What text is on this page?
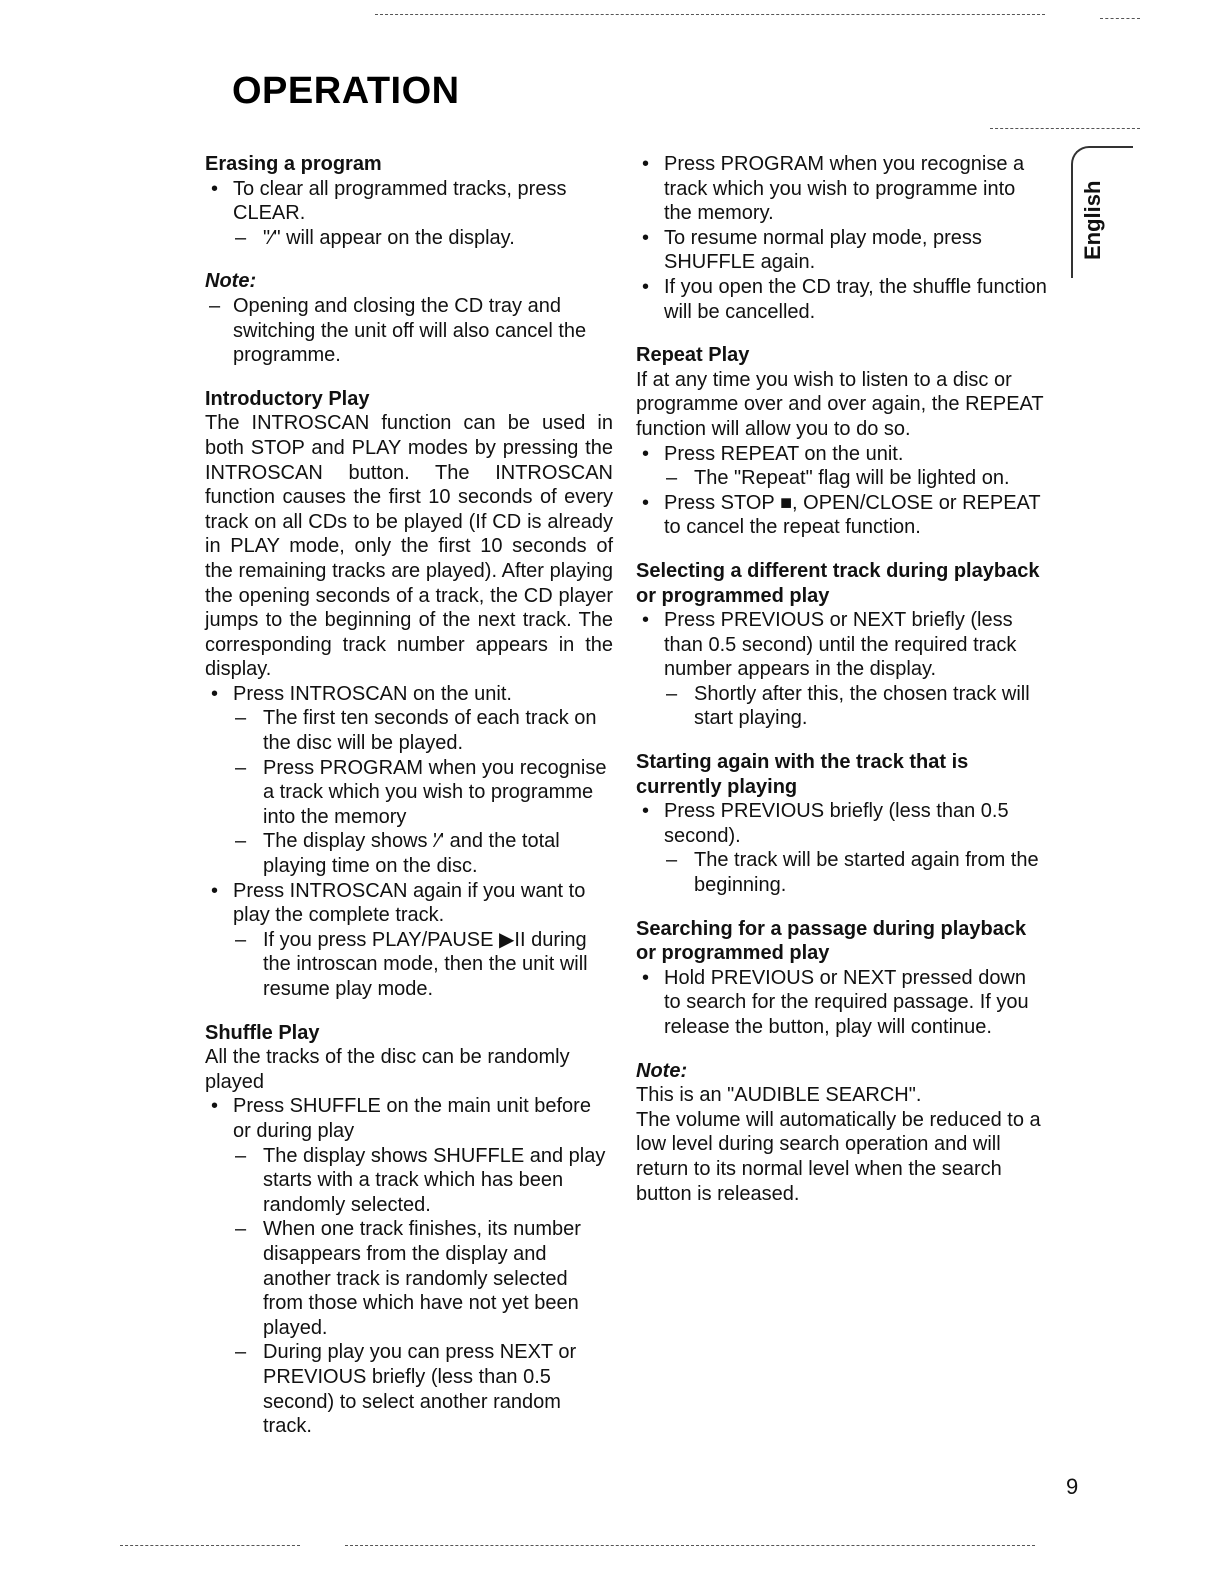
OPERATION
English
Erasing a program
• To clear all programmed tracks, press CLEAR.
– "⁄" will appear on the display.
Note:
– Opening and closing the CD tray and switching the unit off will also cancel the programme.
Introductory Play

The INTROSCAN function can be used in both STOP and PLAY modes by pressing the INTROSCAN button. The INTROSCAN function causes the first 10 seconds of every track on all CDs to be played (If CD is already in PLAY mode, only the first 10 seconds of the remaining tracks are played). After playing the opening seconds of a track, the CD player jumps to the beginning of the next track. The corresponding track number appears in the display.

• Press INTROSCAN on the unit.
– The first ten seconds of each track on the disc will be played.
– Press PROGRAM when you recognise a track which you wish to programme into the memory
– The display shows '⁄' and the total playing time on the disc.
• Press INTROSCAN again if you want to play the complete track.
– If you press PLAY/PAUSE ▶II during the introscan mode, then the unit will resume play mode.
Shuffle Play

All the tracks of the disc can be randomly played

• Press SHUFFLE on the main unit before or during play
– The display shows SHUFFLE and play starts with a track which has been randomly selected.
– When one track finishes, its number disappears from the display and another track is randomly selected from those which have not yet been played.
– During play you can press NEXT or PREVIOUS briefly (less than 0.5 second) to select another random track.
• Press PROGRAM when you recognise a track which you wish to programme into the memory.
• To resume normal play mode, press SHUFFLE again.
• If you open the CD tray, the shuffle function will be cancelled.
Repeat Play

If at any time you wish to listen to a disc or programme over and over again, the REPEAT function will allow you to do so.

• Press REPEAT on the unit.
– The "Repeat" flag will be lighted on.
• Press STOP ■, OPEN/CLOSE or REPEAT to cancel the repeat function.
Selecting a different track during playback or programmed play
• Press PREVIOUS or NEXT briefly (less than 0.5 second) until the required track number appears in the display.
– Shortly after this, the chosen track will start playing.
Starting again with the track that is currently playing
• Press PREVIOUS briefly (less than 0.5 second).
– The track will be started again from the beginning.
Searching for a passage during playback or programmed play
• Hold PREVIOUS or NEXT pressed down to search for the required passage. If you release the button, play will continue.
Note:

This is an "AUDIBLE SEARCH".

The volume will automatically be reduced to a low level during search operation and will return to its normal level when the search button is released.

9
